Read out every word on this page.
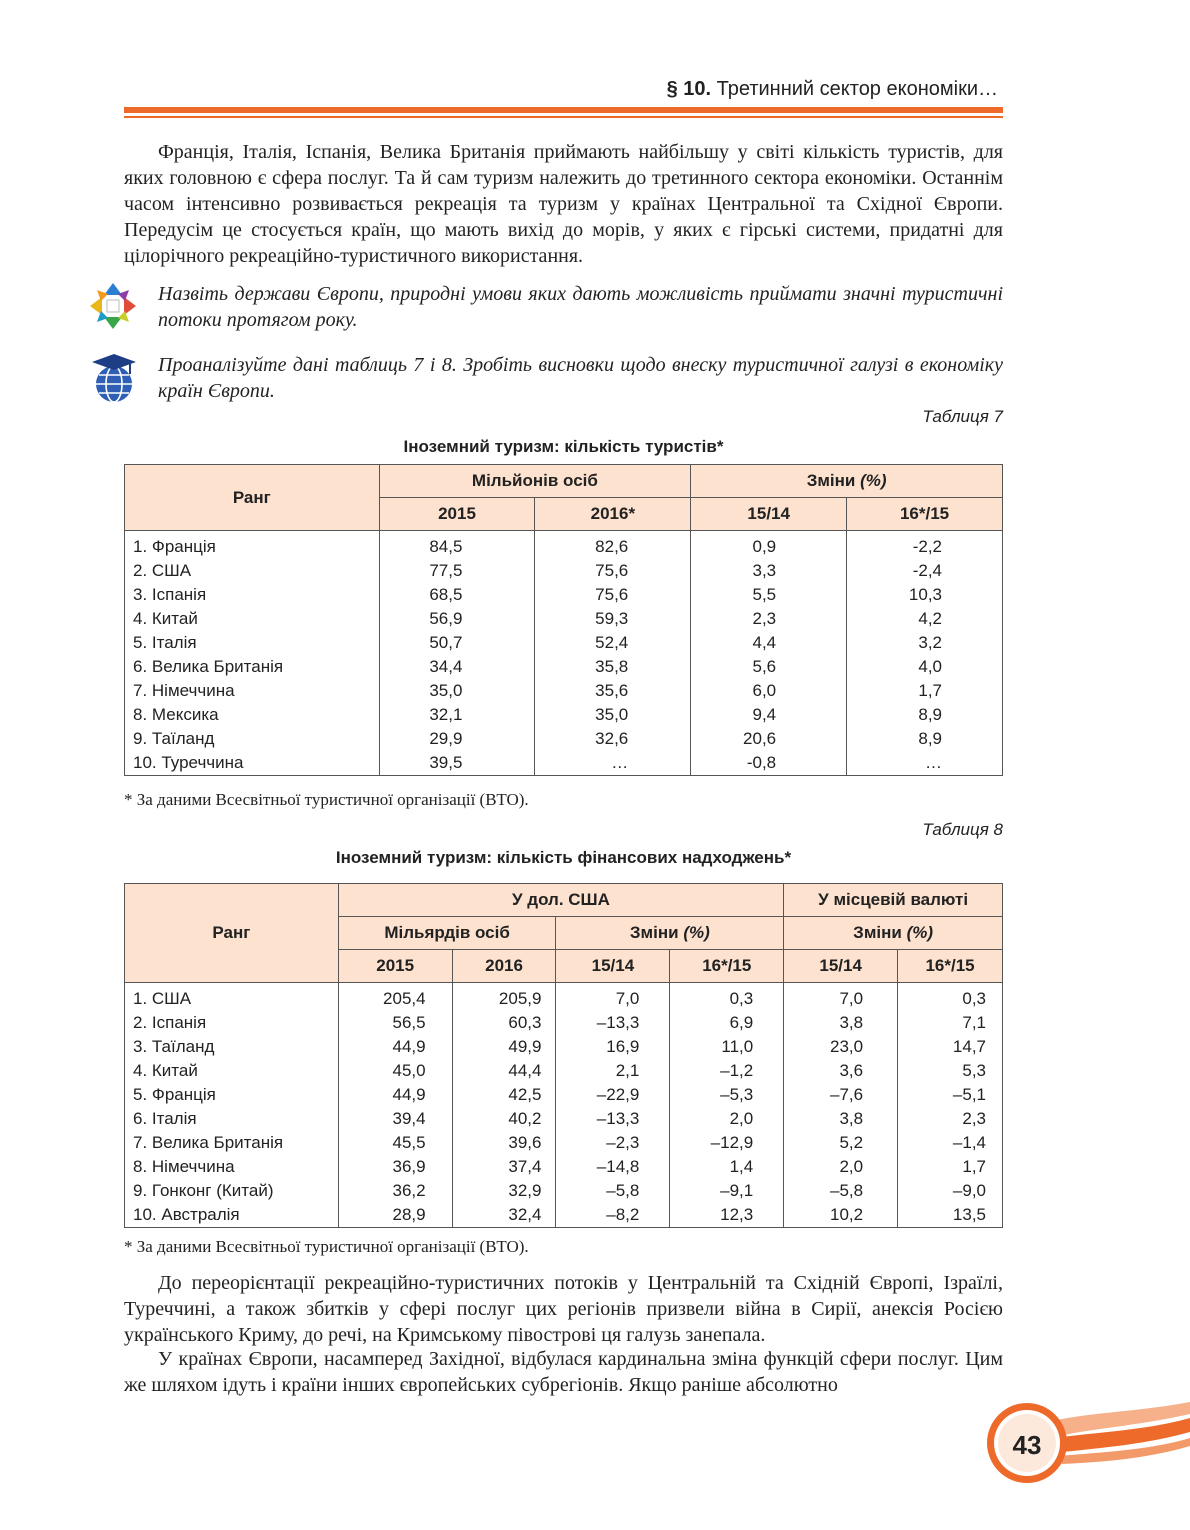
§ 10. Третинний сектор економіки…

Франція, Італія, Іспанія, Велика Британія приймають найбільшу у світі кількість туристів, для яких головною є сфера послуг. Та й сам туризм належить до третинного сектора економіки. Останнім часом інтенсивно розвивається рекреація та туризм у країнах Центральної та Східної Європи. Передусім це стосується країн, що мають вихід до морів, у яких є гірські системи, придатні для цілорічного рекреаційно-туристичного використання.

Назвіть держави Європи, природні умови яких дають можливість приймати значні туристичні потоки протягом року.

Проаналізуйте дані таблиць 7 і 8. Зробіть висновки щодо внеску туристичної галузі в економіку країн Європи.

Таблиця 7
Іноземний туризм: кількість туристів*
Ранг	Мільйонів осіб		Зміни (%)	
	2015	2016*	15/14	16*/15
1. Франція	84,5	82,6	0,9	-2,2
2. США	77,5	75,6	3,3	-2,4
3. Іспанія	68,5	75,6	5,5	10,3
4. Китай	56,9	59,3	2,3	4,2
5. Італія	50,7	52,4	4,4	3,2
6. Велика Британія	34,4	35,8	5,6	4,0
7. Німеччина	35,0	35,6	6,0	1,7
8. Мексика	32,1	35,0	9,4	8,9
9. Таїланд	29,9	32,6	20,6	8,9
10. Туреччина	39,5	…	-0,8	…
* За даними Всесвітньої туристичної організації (ВТО).
Таблиця 8
Іноземний туризм: кількість фінансових надходжень*
Ранг	У дол. США				У місцевій валюті	
	Мільярдів осіб		Зміни (%)		Зміни (%)	
	2015	2016	15/14	16*/15	15/14	16*/15
1. США	205,4	205,9	7,0	0,3	7,0	0,3
2. Іспанія	56,5	60,3	–13,3	6,9	3,8	7,1
3. Таїланд	44,9	49,9	16,9	11,0	23,0	14,7
4. Китай	45,0	44,4	2,1	–1,2	3,6	5,3
5. Франція	44,9	42,5	–22,9	–5,3	–7,6	–5,1
6. Італія	39,4	40,2	–13,3	2,0	3,8	2,3
7. Велика Британія	45,5	39,6	–2,3	–12,9	5,2	–1,4
8. Німеччина	36,9	37,4	–14,8	1,4	2,0	1,7
9. Гонконг (Китай)	36,2	32,9	–5,8	–9,1	–5,8	–9,0
10. Австралія	28,9	32,4	–8,2	12,3	10,2	13,5
* За даними Всесвітньої туристичної організації (ВТО).

До переорієнтації рекреаційно-туристичних потоків у Центральній та Східній Європі, Ізраїлі, Туреччині, а також збитків у сфері послуг цих регіонів призвели війна в Сирії, анексія Росією українського Криму, до речі, на Кримському півострові ця галузь занепала.

У країнах Європи, насамперед Західної, відбулася кардинальна зміна функцій сфери послуг. Цим же шляхом ідуть і країни інших європейських субрегіонів. Якщо раніше абсолютно

43
